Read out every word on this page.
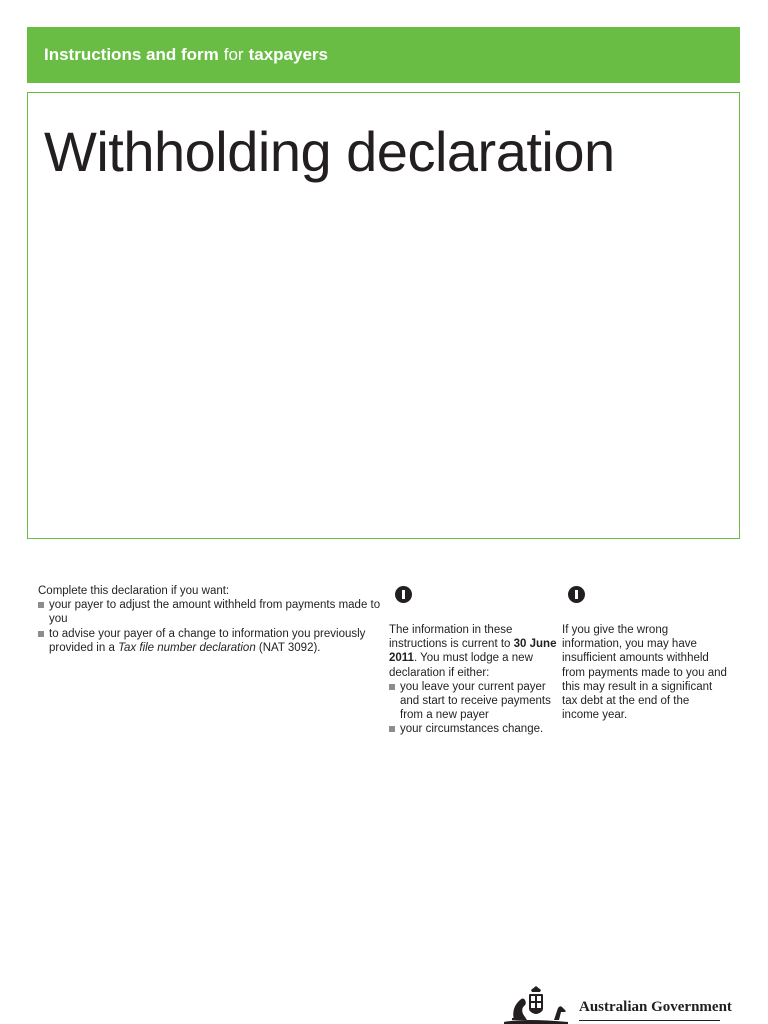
Instructions and form for taxpayers
Withholding declaration

Complete this declaration if you want:

your payer to adjust the amount withheld from payments made to you
to advise your payer of a change to information you previously provided in a Tax file number declaration (NAT 3092).

The information in these instructions is current to 30 June 2011. You must lodge a new declaration if either:

you leave your current payer and start to receive payments from a new payer
your circumstances change.

If you give the wrong information, you may have insufficient amounts withheld from payments made to you and this may result in a significant tax debt at the end of the income year.

Australian Government
